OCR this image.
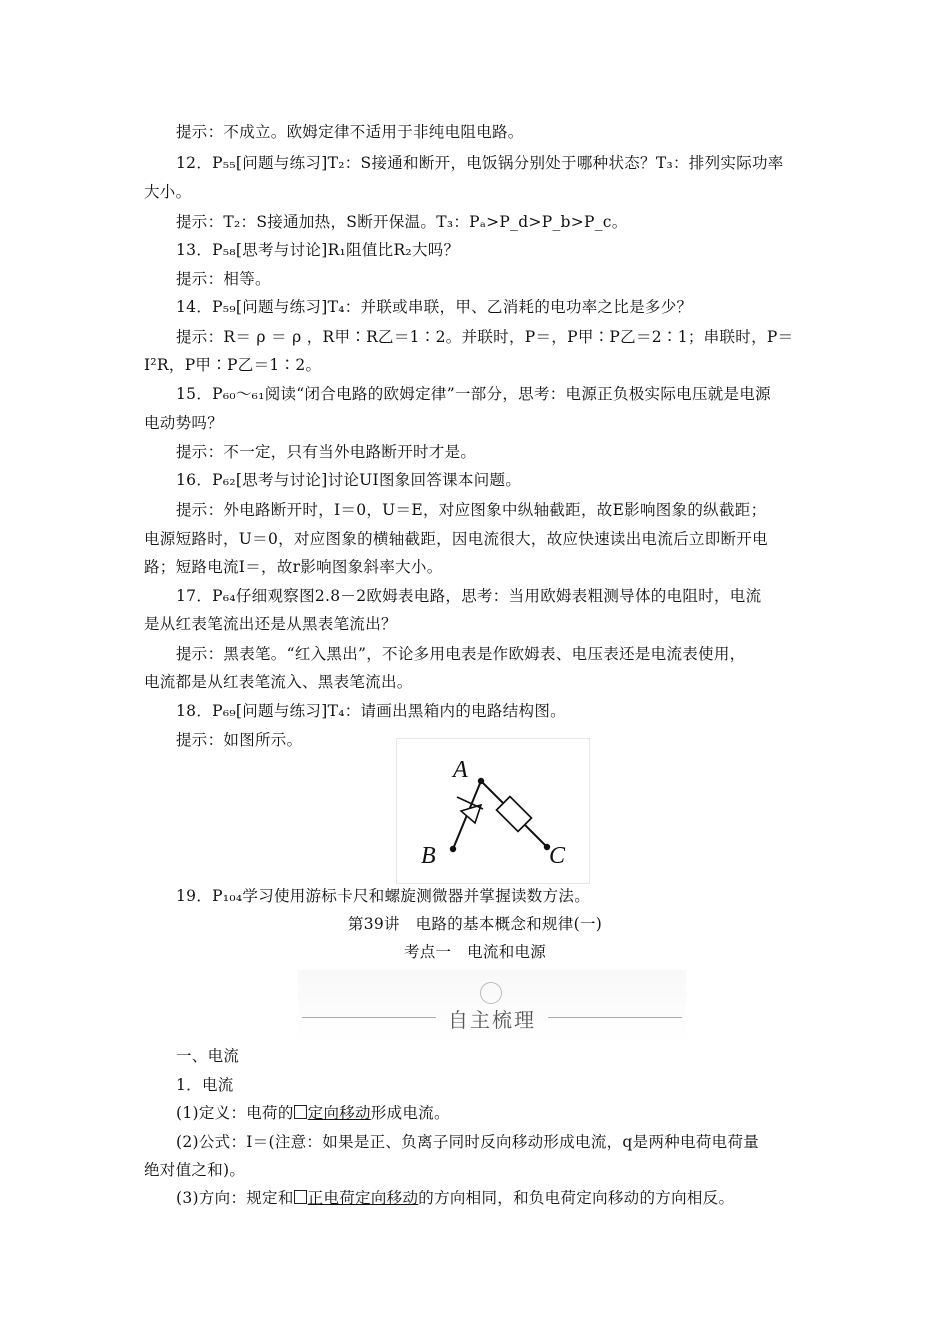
提示：不成立。欧姆定律不适用于非纯电阻电路。
12．P₅₅[问题与练习]T₂：S接通和断开，电饭锅分别处于哪种状态？T₃：排列实际功率
大小。
提示：T₂：S接通加热，S断开保温。T₃：Pₐ>P_d>P_b>P_c。
13．P₅₈[思考与讨论]R₁阻值比R₂大吗？
提示：相等。
14．P₅₉[问题与练习]T₄：并联或串联，甲、乙消耗的电功率之比是多少？
提示：R＝ ρ ＝ ρ ，R甲∶R乙＝1∶2。并联时，P＝，P甲∶P乙＝2∶1；串联时，P＝
I²R，P甲∶P乙＝1∶2。
15．P₆₀～₆₁阅读“闭合电路的欧姆定律”一部分，思考：电源正负极实际电压就是电源
电动势吗？
提示：不一定，只有当外电路断开时才是。
16．P₆₂[思考与讨论]讨论UI图象回答课本问题。
提示：外电路断开时，I＝0，U＝E，对应图象中纵轴截距，故E影响图象的纵截距；
电源短路时，U＝0，对应图象的横轴截距，因电流很大，故应快速读出电流后立即断开电
路；短路电流I＝，故r影响图象斜率大小。
17．P₆₄仔细观察图2.8－2欧姆表电路，思考：当用欧姆表粗测导体的电阻时，电流
是从红表笔流出还是从黑表笔流出？
提示：黑表笔。“红入黑出”，不论多用电表是作欧姆表、电压表还是电流表使用，
电流都是从红表笔流入、黑表笔流出。
18．P₆₉[问题与练习]T₄：请画出黑箱内的电路结构图。
提示：如图所示。
A
B	C
19．P₁₀₄学习使用游标卡尺和螺旋测微器并掌握读数方法。
第39讲　电路的基本概念和规律(一)
考点一　电流和电源
自主梳理
一、电流
1．电流
(1)定义：电荷的 定向移动形成电流。
(2)公式：I＝(注意：如果是正、负离子同时反向移动形成电流，q是两种电荷电荷量
绝对值之和)。
(3)方向：规定和 正电荷定向移动的方向相同，和负电荷定向移动的方向相反。
